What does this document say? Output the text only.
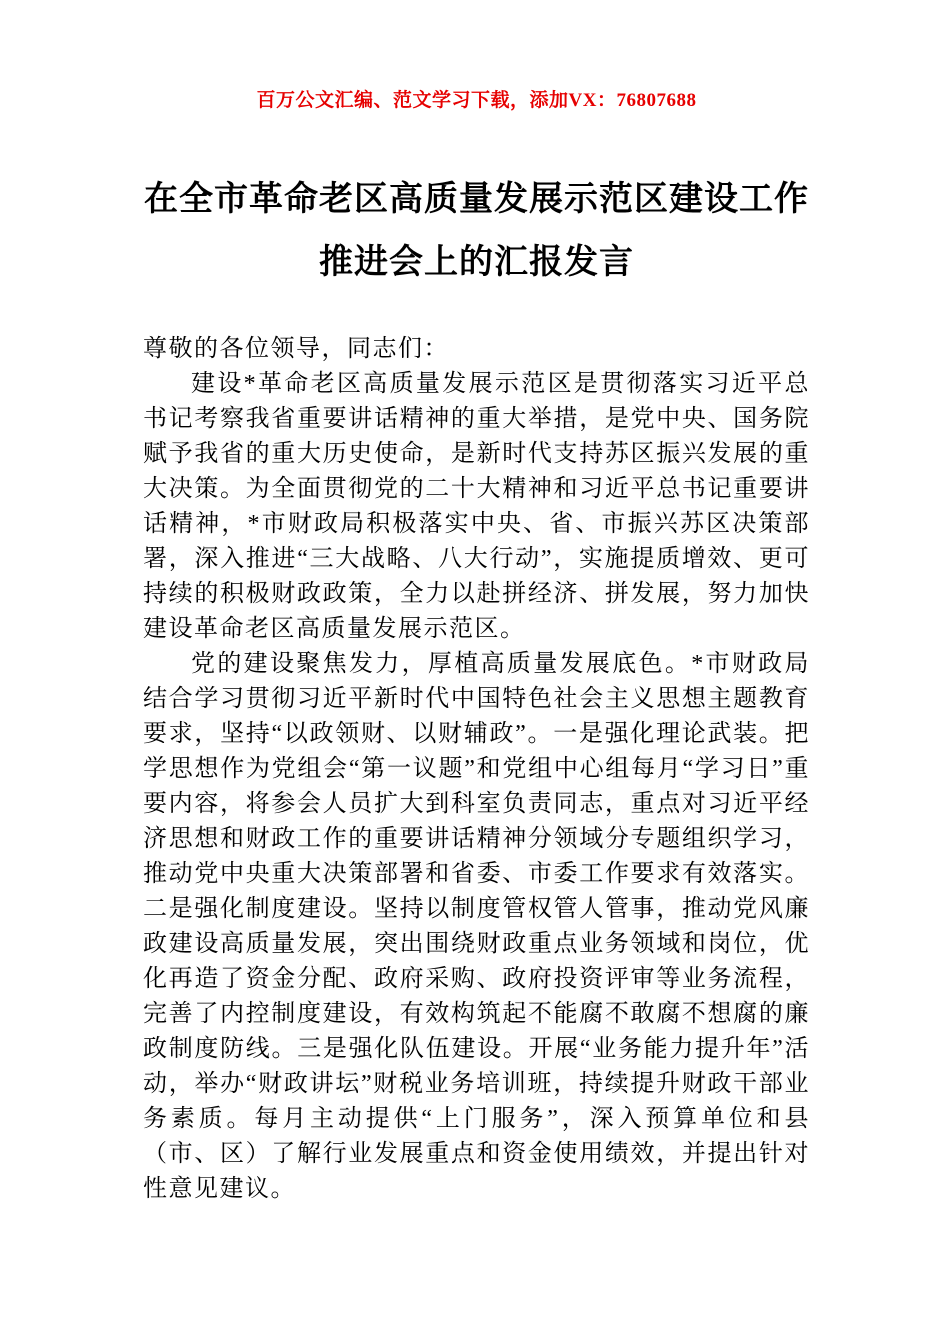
百万公文汇编、范文学习下载，添加VX：76807688

在全市革命老区高质量发展示范区建设工作推进会上的汇报发言

尊敬的各位领导，同志们：

建设*革命老区高质量发展示范区是贯彻落实习近平总书记考察我省重要讲话精神的重大举措，是党中央、国务院赋予我省的重大历史使命，是新时代支持苏区振兴发展的重大决策。为全面贯彻党的二十大精神和习近平总书记重要讲话精神，*市财政局积极落实中央、省、市振兴苏区决策部署，深入推进“三大战略、八大行动”，实施提质增效、更可持续的积极财政政策，全力以赴拼经济、拼发展，努力加快建设革命老区高质量发展示范区。

党的建设聚焦发力，厚植高质量发展底色。*市财政局结合学习贯彻习近平新时代中国特色社会主义思想主题教育要求，坚持“以政领财、以财辅政”。一是强化理论武装。把学思想作为党组会“第一议题”和党组中心组每月“学习日”重要内容，将参会人员扩大到科室负责同志，重点对习近平经济思想和财政工作的重要讲话精神分领域分专题组织学习，推动党中央重大决策部署和省委、市委工作要求有效落实。二是强化制度建设。坚持以制度管权管人管事，推动党风廉政建设高质量发展，突出围绕财政重点业务领域和岗位，优化再造了资金分配、政府采购、政府投资评审等业务流程，完善了内控制度建设，有效构筑起不能腐不敢腐不想腐的廉政制度防线。三是强化队伍建设。开展“业务能力提升年”活动，举办“财政讲坛”财税业务培训班，持续提升财政干部业务素质。每月主动提供“上门服务”，深入预算单位和县（市、区）了解行业发展重点和资金使用绩效，并提出针对性意见建议。
